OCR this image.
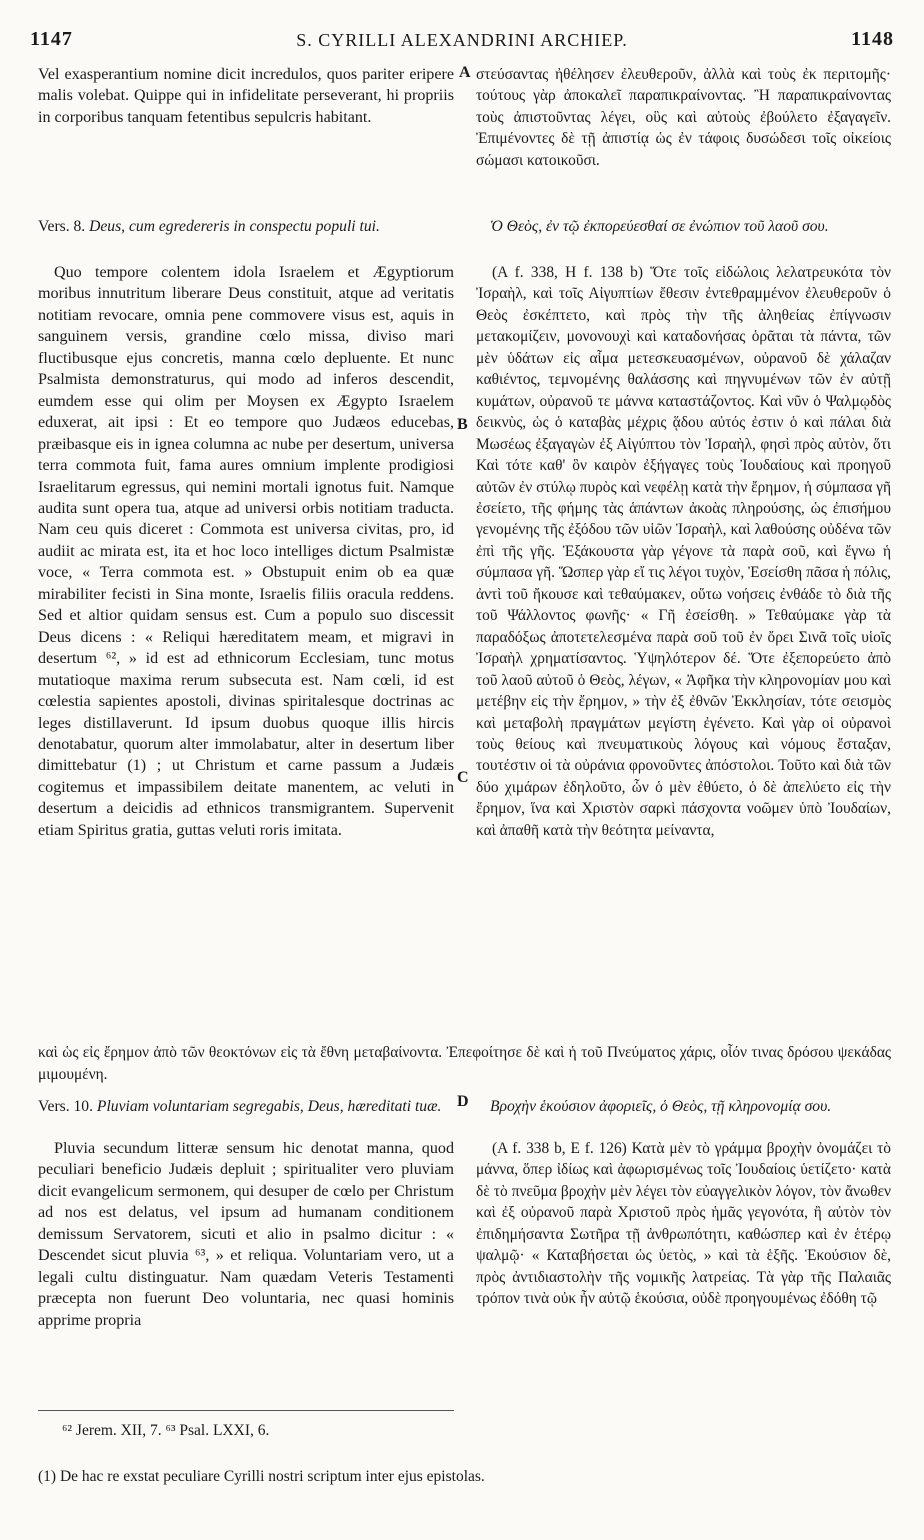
1147	S. CYRILLI ALEXANDRINI ARCHIEP.	1148
A
B
C
D
Vel exasperantium nomine dicit incredulos, quos pariter eripere malis volebat. Quippe qui in infidelitate perseverant, hi propriis in corporibus tanquam fetentibus sepulcris habitant.
Vers. 8. Deus, cum egredereris in conspectu populi tui.
Quo tempore colentem idola Israelem et Ægyptiorum moribus innutritum liberare Deus constituit, atque ad veritatis notitiam revocare, omnia pene commovere visus est, aquis in sanguinem versis, grandine cœlo missa, diviso mari fluctibusque ejus concretis, manna cœlo depluente. Et nunc Psalmista demonstraturus, qui modo ad inferos descendit, eumdem esse qui olim per Moysen ex Ægypto Israelem eduxerat, ait ipsi : Et eo tempore quo Judæos educebas, præibasque eis in ignea columna ac nube per desertum, universa terra commota fuit, fama aures omnium implente prodigiosi Israelitarum egressus, qui nemini mortali ignotus fuit. Namque audita sunt opera tua, atque ad universi orbis notitiam traducta. Nam ceu quis diceret : Commota est universa civitas, pro, id audiit ac mirata est, ita et hoc loco intelliges dictum Psalmistæ voce, « Terra commota est. » Obstupuit enim ob ea quæ mirabiliter fecisti in Sina monte, Israelis filiis oracula reddens. Sed et altior quidam sensus est. Cum a populo suo discessit Deus dicens : « Reliqui hæreditatem meam, et migravi in desertum ⁶², » id est ad ethnicorum Ecclesiam, tunc motus mutatioque maxima rerum subsecuta est. Nam cœli, id est cœlestia sapientes apostoli, divinas spiritalesque doctrinas ac leges distillaverunt. Id ipsum duobus quoque illis hircis denotabatur, quorum alter immolabatur, alter in desertum liber dimittebatur (1) ; ut Christum et carne passum a Judæis cogitemus et impassibilem deitate manentem, ac veluti in desertum a deicidis ad ethnicos transmigrantem. Supervenit etiam Spiritus gratia, guttas veluti roris imitata.
Vers. 10. Pluviam voluntariam segregabis, Deus, hæreditati tuæ.
Pluvia secundum litteræ sensum hic denotat manna, quod peculiari beneficio Judæis depluit ; spiritualiter vero pluviam dicit evangelicum sermonem, qui desuper de cœlo per Christum ad nos est delatus, vel ipsum ad humanam conditionem demissum Servatorem, sicuti et alio in psalmo dicitur : « Descendet sicut pluvia ⁶³, » et reliqua. Voluntariam vero, ut a legali cultu distinguatur. Nam quædam Veteris Testamenti præcepta non fuerunt Deo voluntaria, nec quasi hominis apprime propria
στεύσαντας ἠθέλησεν ἐλευθεροῦν, ἀλλὰ καὶ τοὺς ἐκ περιτομῆς· τούτους γὰρ ἀποκαλεῖ παραπικραίνοντας. Ἢ παραπικραίνοντας τοὺς ἀπιστοῦντας λέγει, οὓς καὶ αὐτοὺς ἐβούλετο ἐξαγαγεῖν. Ἐπιμένοντες δὲ τῇ ἀπιστίᾳ ὡς ἐν τάφοις δυσώδεσι τοῖς οἰκείοις σώμασι κατοικοῦσι.
Ὁ Θεὸς, ἐν τῷ ἐκπορεύεσθαί σε ἐνώπιον τοῦ λαοῦ σου.
(A f. 338, H f. 138 b) Ὅτε τοῖς εἰδώλοις λελατρευκότα τὸν Ἰσραὴλ, καὶ τοῖς Αἰγυπτίων ἔθεσιν ἐντεθραμμένον ἐλευθεροῦν ὁ Θεὸς ἐσκέπτετο, καὶ πρὸς τὴν τῆς ἀληθείας ἐπίγνωσιν μετακομίζειν, μονονουχὶ καὶ καταδονήσας ὁρᾶται τὰ πάντα, τῶν μὲν ὑδάτων εἰς αἷμα μετεσκευασμένων, οὐρανοῦ δὲ χάλαζαν καθιέντος, τεμνομένης θαλάσσης καὶ πηγνυμένων τῶν ἐν αὐτῇ κυμάτων, οὐρανοῦ τε μάννα καταστάζοντος. Καὶ νῦν ὁ Ψαλμῳδὸς δεικνὺς, ὡς ὁ καταβὰς μέχρις ᾅδου αὐτός ἐστιν ὁ καὶ πάλαι διὰ Μωσέως ἐξαγαγὼν ἐξ Αἰγύπτου τὸν Ἰσραὴλ, φησὶ πρὸς αὐτὸν, ὅτι Καὶ τότε καθ' ὃν καιρὸν ἐξήγαγες τοὺς Ἰουδαίους καὶ προηγοῦ αὐτῶν ἐν στύλῳ πυρὸς καὶ νεφέλῃ κατὰ τὴν ἔρημον, ἡ σύμπασα γῆ ἐσείετο, τῆς φήμης τὰς ἁπάντων ἀκοὰς πληρούσης, ὡς ἐπισήμου γενομένης τῆς ἐξόδου τῶν υἱῶν Ἰσραὴλ, καὶ λαθούσης οὐδένα τῶν ἐπὶ τῆς γῆς. Ἐξάκουστα γὰρ γέγονε τὰ παρὰ σοῦ, καὶ ἔγνω ἡ σύμπασα γῆ. Ὥσπερ γὰρ εἴ τις λέγοι τυχὸν, Ἐσείσθη πᾶσα ἡ πόλις, ἀντὶ τοῦ ἤκουσε καὶ τεθαύμακεν, οὕτω νοήσεις ἐνθάδε τὸ διὰ τῆς τοῦ Ψάλλοντος φωνῆς· « Γῆ ἐσείσθη. » Τεθαύμακε γὰρ τὰ παραδόξως ἀποτετελεσμένα παρὰ σοῦ τοῦ ἐν ὄρει Σινᾶ τοῖς υἱοῖς Ἰσραὴλ χρηματίσαντος. Ὑψηλότερον δέ. Ὅτε ἐξεπορεύετο ἀπὸ τοῦ λαοῦ αὐτοῦ ὁ Θεὸς, λέγων, « Ἀφῆκα τὴν κληρονομίαν μου καὶ μετέβην εἰς τὴν ἔρημον, » τὴν ἐξ ἐθνῶν Ἐκκλησίαν, τότε σεισμὸς καὶ μεταβολὴ πραγμάτων μεγίστη ἐγένετο. Καὶ γὰρ οἱ οὐρανοὶ τοὺς θείους καὶ πνευματικοὺς λόγους καὶ νόμους ἔσταξαν, τουτέστιν οἱ τὰ οὐράνια φρονοῦντες ἀπόστολοι. Τοῦτο καὶ διὰ τῶν δύο χιμάρων ἐδηλοῦτο, ὧν ὁ μὲν ἐθύετο, ὁ δὲ ἀπελύετο εἰς τὴν ἔρημον, ἵνα καὶ Χριστὸν σαρκὶ πάσχοντα νοῶμεν ὑπὸ Ἰουδαίων, καὶ ἀπαθῆ κατὰ τὴν θεότητα μείναντα,
καὶ ὡς εἰς ἔρημον ἀπὸ τῶν θεοκτόνων εἰς τὰ ἔθνη μεταβαίνοντα. Ἐπεφοίτησε δὲ καὶ ἡ τοῦ Πνεύματος χάρις, οἷόν τινας δρόσου ψεκάδας μιμουμένη.
Βροχὴν ἑκούσιον ἀφοριεῖς, ὁ Θεὸς, τῇ κληρονομίᾳ σου.
(A f. 338 b, E f. 126) Κατὰ μὲν τὸ γράμμα βροχὴν ὀνομάζει τὸ μάννα, ὅπερ ἰδίως καὶ ἀφωρισμένως τοῖς Ἰουδαίοις ὑετίζετο· κατὰ δὲ τὸ πνεῦμα βροχὴν μὲν λέγει τὸν εὐαγγελικὸν λόγον, τὸν ἄνωθεν καὶ ἐξ οὐρανοῦ παρὰ Χριστοῦ πρὸς ἡμᾶς γεγονότα, ἢ αὐτὸν τὸν ἐπιδημήσαντα Σωτῆρα τῇ ἀνθρωπότητι, καθώσπερ καὶ ἐν ἑτέρῳ ψαλμῷ· « Καταβήσεται ὡς ὑετὸς, » καὶ τὰ ἑξῆς. Ἑκούσιον δὲ, πρὸς ἀντιδιαστολὴν τῆς νομικῆς λατρείας. Τὰ γὰρ τῆς Παλαιᾶς τρόπον τινὰ οὐκ ἦν αὐτῷ ἑκούσια, οὐδὲ προηγουμένως ἐδόθη τῷ
⁶² Jerem. XII, 7. ⁶³ Psal. LXXI, 6.
(1) De hac re exstat peculiare Cyrilli nostri scriptum inter ejus epistolas.
